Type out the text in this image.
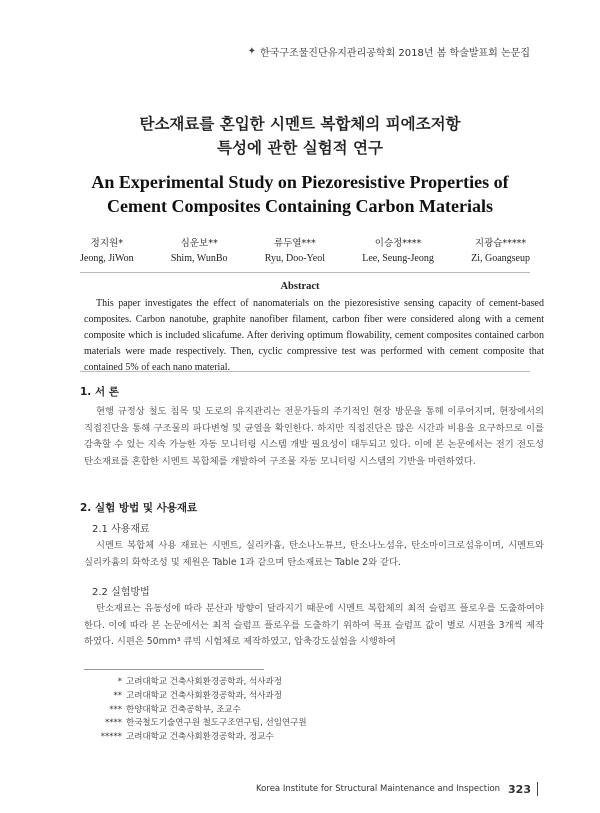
✦ 한국구조물진단유지관리공학회 2018년 봄 학술발표회 논문집
탄소재료를 혼입한 시멘트 복합체의 피에조저항
특성에 관한 실험적 연구
An Experimental Study on Piezoresistive Properties of
Cement Composites Containing Carbon Materials
정지원*
Jeong, JiWon
심운보**
Shim, WunBo
류두열***
Ryu, Doo-Yeol
이승정****
Lee, Seung-Jeong
지광습*****
Zi, Goangseup
Abstract
This paper investigates the effect of nanomaterials on the piezoresistive sensing capacity of cement-based composites. Carbon nanotube, graphite nanofiber filament, carbon fiber were considered along with a cement composite which is included slicafume. After deriving optimum flowability, cement composites contained carbon materials were made respectively. Then, cyclic compressive test was performed with cement composite that contained 5% of each nano material.
1. 서 론
현행 규정상 철도 침목 및 도로의 유지관리는 전문가들의 주기적인 현장 방문을 통해 이루어지며, 현장에서의 직접진단을 통해 구조물의 파다변형 및 균열을 확인한다. 하지만 직접진단은 많은 시간과 비용을 요구하므로 이를 감축할 수 있는 지속 가능한 자동 모니터링 시스템 개발 필요성이 대두되고 있다. 이에 본 논문에서는 전기 전도성 탄소재료를 혼합한 시멘트 복합체를 개발하여 구조물 자동 모니터링 시스템의 기반을 마련하였다.
2. 실험 방법 및 사용재료
2.1 사용재료
시멘트 복합체 사용 재료는 시멘트, 실리카흄, 탄소나노튜브, 탄소나노섬유, 탄소마이크로섬유이며, 시멘트와 실리카흄의 화학조성 및 제원은 Table 1과 같으며 탄소재료는 Table 2와 같다.
2.2 실험방법
탄소재료는 유동성에 따라 분산과 방향이 달라지기 때문에 시멘트 복합체의 최적 슬럼프 플로우를 도출하여야 한다. 이에 따라 본 논문에서는 최적 슬럼프 플로우를 도출하기 위하여 목표 슬럼프 값이 별로 시편을 3개씩 제작하였다. 시편은 50mm³ 큐빅 시험체로 제작하였고, 압축강도실험을 시행하여
* 고려대학교 건축사회환경공학과, 석사과정
** 고려대학교 건축사회환경공학과, 석사과정
*** 한양대학교 건축공학부, 조교수
**** 한국철도기술연구원 철도구조연구팀, 선임연구원
***** 고려대학교 건축사회환경공학과, 정교수
Korea Institute for Structural Maintenance and Inspection 323
